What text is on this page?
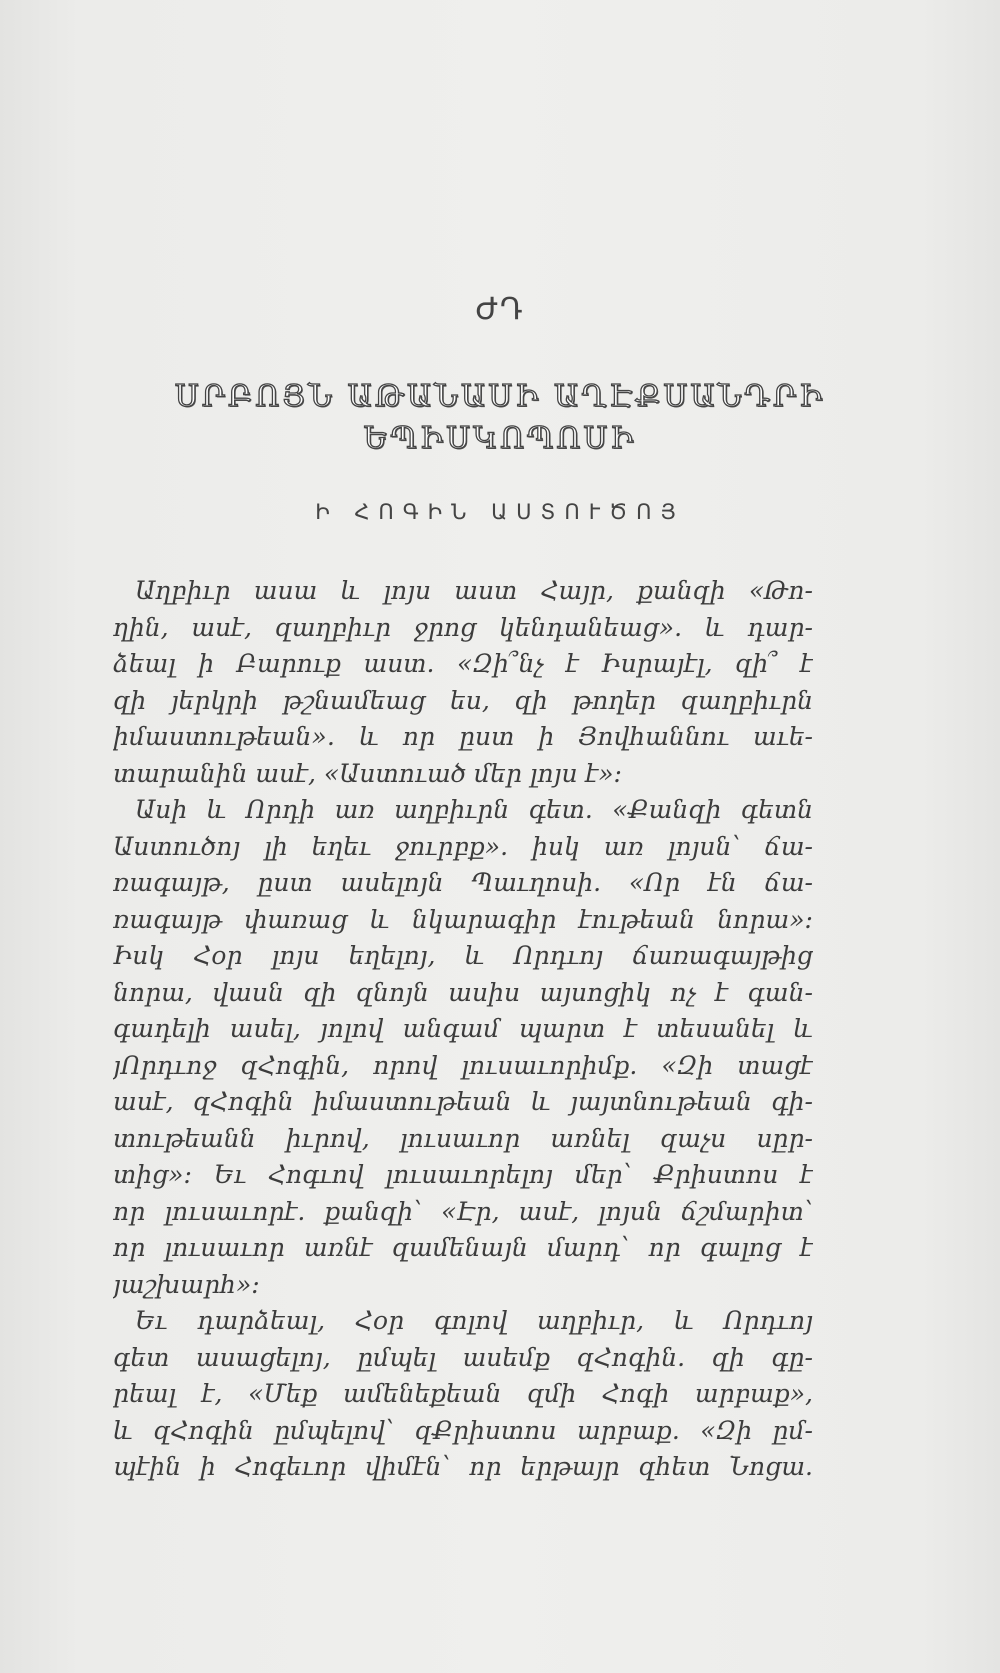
ԺԴ
ՍՐԲՈՅՆ ԱԹԱՆԱՍԻ ԱՂԷՔՍԱՆԴՐԻ
ԵՊԻՍԿՈՊՈՍԻ
Ի ՀՈԳԻՆ ԱՍՏՈՒԾՈՅ
Աղբիւր ասա և լոյս աստ Հայր, քանզի «Թո-
ղին, ասէ, զաղբիւր ջրոց կենդանեաց». և դար-
ձեալ ի Բարուք աստ. «Զի՞նչ է Իսրայէլ, զի՞ է
զի յերկրի թշնամեաց ես, զի թողեր զաղբիւրն
իմաստութեան»․ և որ ըստ ի Յովհաննու աւե-
տարանին ասէ, «Աստուած մեր լոյս է»։
Ասի և Որդի առ աղբիւրն գետ. «Քանզի գետն
Աստուծոյ լի եղեւ ջուրբք». իսկ առ լոյսն՝ ճա-
ռագայթ, ըստ ասելոյն Պաւղոսի. «Որ էն ճա-
ռագայթ փառաց և նկարագիր էութեան նորա»։
Իսկ Հօր լոյս եղելոյ, և Որդւոյ ճառագայթից
նորա, վասն զի զնոյն ասիս այսոցիկ ոչ է գան-
գադելի ասել, յոլով անգամ պարտ է տեսանել և
յՈրդւոջ զՀոգին, որով լուսաւորիմք. «Զի տացէ
ասէ, զՀոգին իմաստութեան և յայտնութեան գի-
տութեանն իւրով, լուսաւոր առնել զաչս սըր-
տից»։ Եւ Հոգւով լուսաւորելոյ մեր՝ Քրիստոս է
որ լուսաւորէ. քանզի՝ «Էր, ասէ, լոյսն ճշմարիտ՝
որ լուսաւոր առնէ զամենայն մարդ՝ որ գալոց է
յաշխարհ»։
Եւ դարձեալ, Հօր գոլով աղբիւր, և Որդւոյ
գետ ասացելոյ, ըմպել ասեմք զՀոգին. զի գը-
րեալ է, «Մեք ամենեքեան զմի Հոգի արբաք»,
և զՀոգին ըմպելով՝ զՔրիստոս արբաք. «Զի ըմ-
պէին ի Հոգեւոր վիմէն՝ որ երթայր զհետ Նոցա.
